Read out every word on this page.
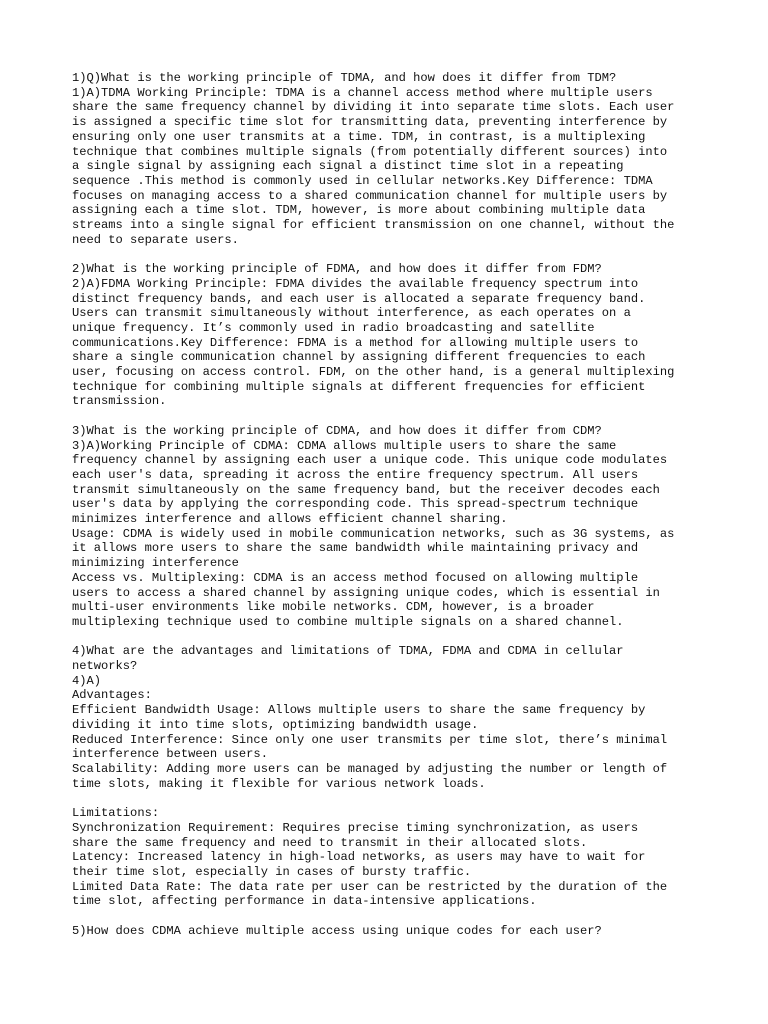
1)Q)What is the working principle of TDMA, and how does it differ from TDM?
1)A)TDMA Working Principle: TDMA is a channel access method where multiple users
share the same frequency channel by dividing it into separate time slots. Each user
is assigned a specific time slot for transmitting data, preventing interference by
ensuring only one user transmits at a time. TDM, in contrast, is a multiplexing
technique that combines multiple signals (from potentially different sources) into
a single signal by assigning each signal a distinct time slot in a repeating
sequence .This method is commonly used in cellular networks.Key Difference: TDMA
focuses on managing access to a shared communication channel for multiple users by
assigning each a time slot. TDM, however, is more about combining multiple data
streams into a single signal for efficient transmission on one channel, without the
need to separate users.
2)What is the working principle of FDMA, and how does it differ from FDM?
2)A)FDMA Working Principle: FDMA divides the available frequency spectrum into
distinct frequency bands, and each user is allocated a separate frequency band.
Users can transmit simultaneously without interference, as each operates on a
unique frequency. It’s commonly used in radio broadcasting and satellite
communications.Key Difference: FDMA is a method for allowing multiple users to
share a single communication channel by assigning different frequencies to each
user, focusing on access control. FDM, on the other hand, is a general multiplexing
technique for combining multiple signals at different frequencies for efficient
transmission.
3)What is the working principle of CDMA, and how does it differ from CDM?
3)A)Working Principle of CDMA: CDMA allows multiple users to share the same
frequency channel by assigning each user a unique code. This unique code modulates
each user's data, spreading it across the entire frequency spectrum. All users
transmit simultaneously on the same frequency band, but the receiver decodes each
user's data by applying the corresponding code. This spread-spectrum technique
minimizes interference and allows efficient channel sharing.
Usage: CDMA is widely used in mobile communication networks, such as 3G systems, as
it allows more users to share the same bandwidth while maintaining privacy and
minimizing interference
Access vs. Multiplexing: CDMA is an access method focused on allowing multiple
users to access a shared channel by assigning unique codes, which is essential in
multi-user environments like mobile networks. CDM, however, is a broader
multiplexing technique used to combine multiple signals on a shared channel.
4)What are the advantages and limitations of TDMA, FDMA and CDMA in cellular
networks?
4)A)
Advantages:
Efficient Bandwidth Usage: Allows multiple users to share the same frequency by
dividing it into time slots, optimizing bandwidth usage.
Reduced Interference: Since only one user transmits per time slot, there’s minimal
interference between users.
Scalability: Adding more users can be managed by adjusting the number or length of
time slots, making it flexible for various network loads.
Limitations:
Synchronization Requirement: Requires precise timing synchronization, as users
share the same frequency and need to transmit in their allocated slots.
Latency: Increased latency in high-load networks, as users may have to wait for
their time slot, especially in cases of bursty traffic.
Limited Data Rate: The data rate per user can be restricted by the duration of the
time slot, affecting performance in data-intensive applications.
5)How does CDMA achieve multiple access using unique codes for each user?
